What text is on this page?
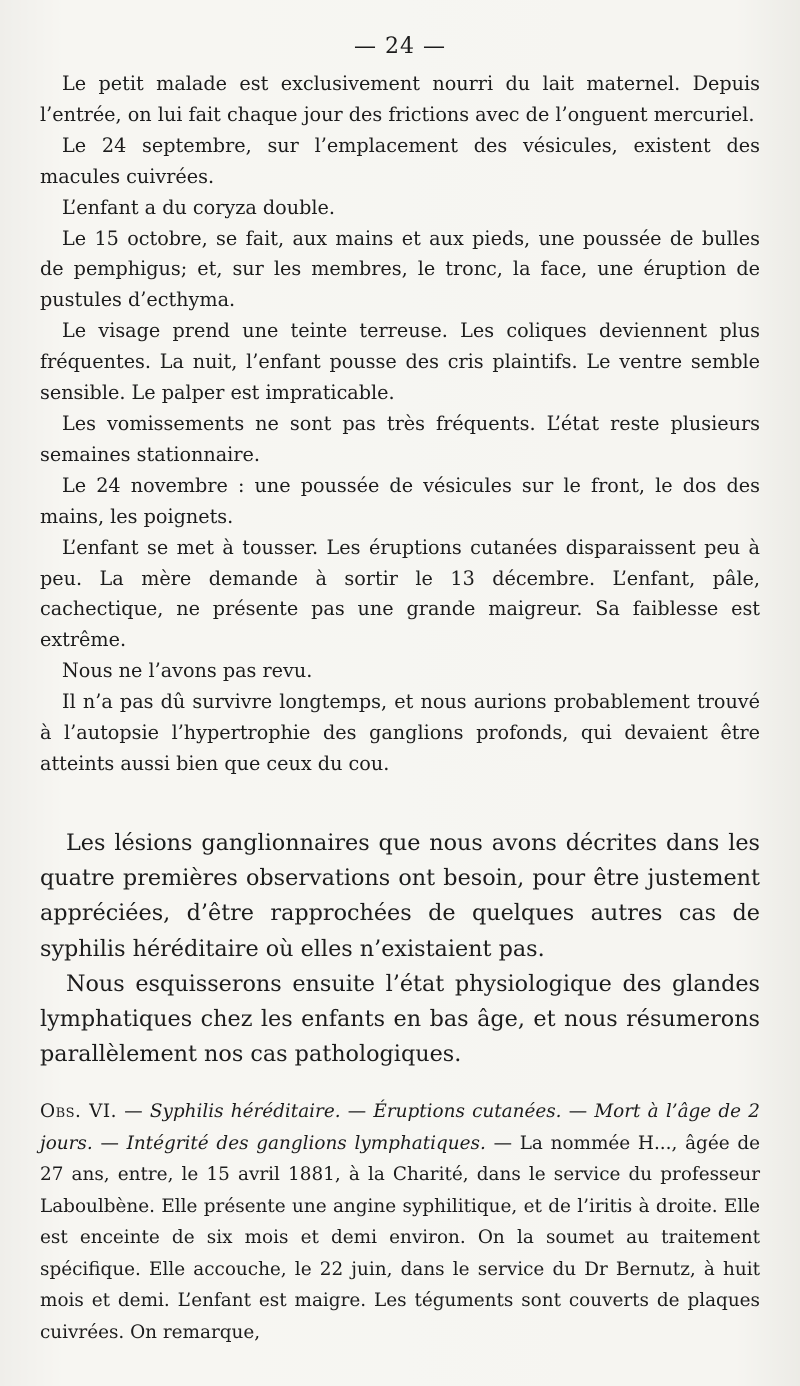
— 24 —

Le petit malade est exclusivement nourri du lait maternel. Depuis l’entrée, on lui fait chaque jour des frictions avec de l’onguent mercuriel.

Le 24 septembre, sur l’emplacement des vésicules, existent des macules cuivrées.

L’enfant a du coryza double.

Le 15 octobre, se fait, aux mains et aux pieds, une poussée de bulles de pemphigus; et, sur les membres, le tronc, la face, une éruption de pustules d’ecthyma.

Le visage prend une teinte terreuse. Les coliques deviennent plus fréquentes. La nuit, l’enfant pousse des cris plaintifs. Le ventre semble sensible. Le palper est impraticable.

Les vomissements ne sont pas très fréquents. L’état reste plusieurs semaines stationnaire.

Le 24 novembre : une poussée de vésicules sur le front, le dos des mains, les poignets.

L’enfant se met à tousser. Les éruptions cutanées disparaissent peu à peu. La mère demande à sortir le 13 décembre. L’enfant, pâle, cachectique, ne présente pas une grande maigreur. Sa faiblesse est extrême.

Nous ne l’avons pas revu.

Il n’a pas dû survivre longtemps, et nous aurions probablement trouvé à l’autopsie l’hypertrophie des ganglions profonds, qui devaient être atteints aussi bien que ceux du cou.

Les lésions ganglionnaires que nous avons décrites dans les quatre premières observations ont besoin, pour être justement appréciées, d’être rapprochées de quelques autres cas de syphilis héréditaire où elles n’existaient pas.

Nous esquisserons ensuite l’état physiologique des glandes lymphatiques chez les enfants en bas âge, et nous résumerons parallèlement nos cas pathologiques.

Obs. VI. — Syphilis héréditaire. — Éruptions cutanées. — Mort à l’âge de 2 jours. — Intégrité des ganglions lymphatiques. — La nommée H..., âgée de 27 ans, entre, le 15 avril 1881, à la Charité, dans le service du professeur Laboulbène. Elle présente une angine syphilitique, et de l’iritis à droite. Elle est enceinte de six mois et demi environ. On la soumet au traitement spécifique. Elle accouche, le 22 juin, dans le service du Dr Bernutz, à huit mois et demi. L’enfant est maigre. Les téguments sont couverts de plaques cuivrées. On remarque,
